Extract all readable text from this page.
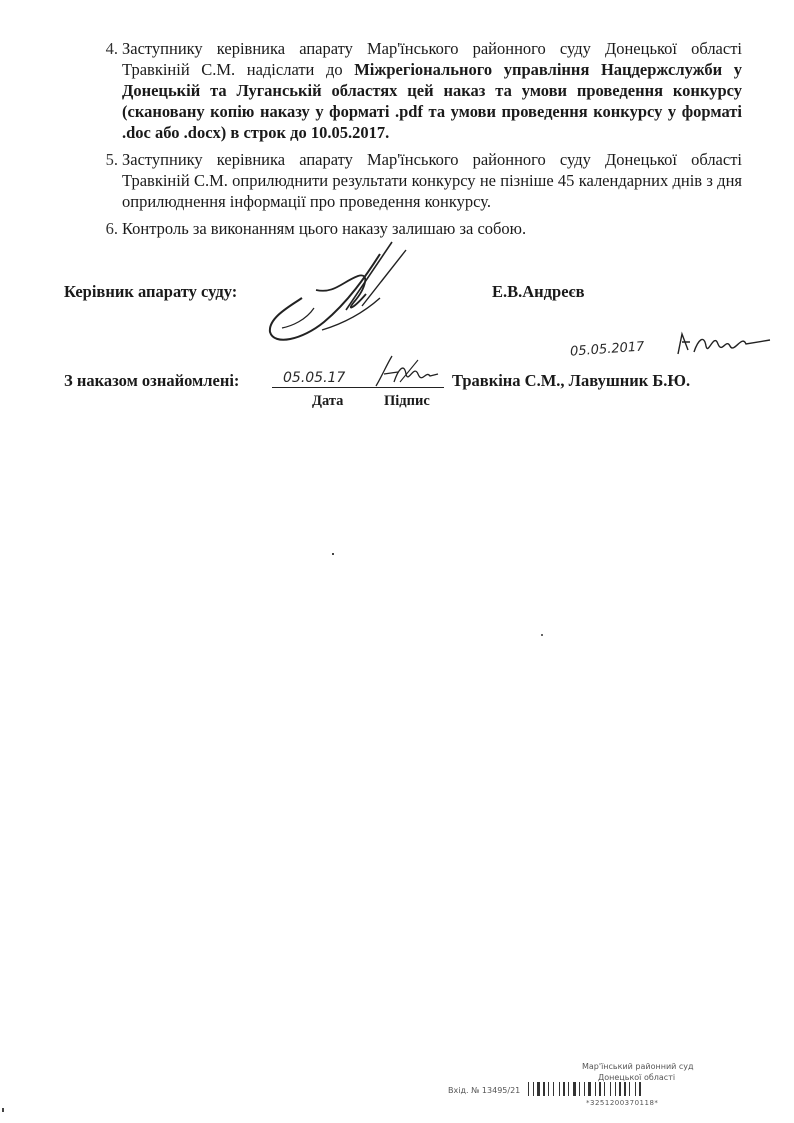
4. Заступнику керівника апарату Мар'їнського районного суду Донецької області Травкіній С.М. надіслати до Міжрегіонального управління Нацдержслужби у Донецькій та Луганській областях цей наказ та умови проведення конкурсу (скановану копію наказу у форматі .pdf та умови проведення конкурсу у форматі .doc або .docx) в строк до 10.05.2017.
5. Заступнику керівника апарату Мар'їнського районного суду Донецької області Травкіній С.М. оприлюднити результати конкурсу не пізніше 45 календарних днів з дня оприлюднення інформації про проведення конкурсу.
6. Контроль за виконанням цього наказу залишаю за собою.
Керівник апарату суду:	Е.В.Андреєв
05.05.2017
З наказом ознайомлені:	05.05.17	Травкіна С.М., Лавушник Б.Ю.
Дата	Підпис
Мар'їнський районний суд
Донецької області
Вхід. № 13495/21
*3251200370118*
